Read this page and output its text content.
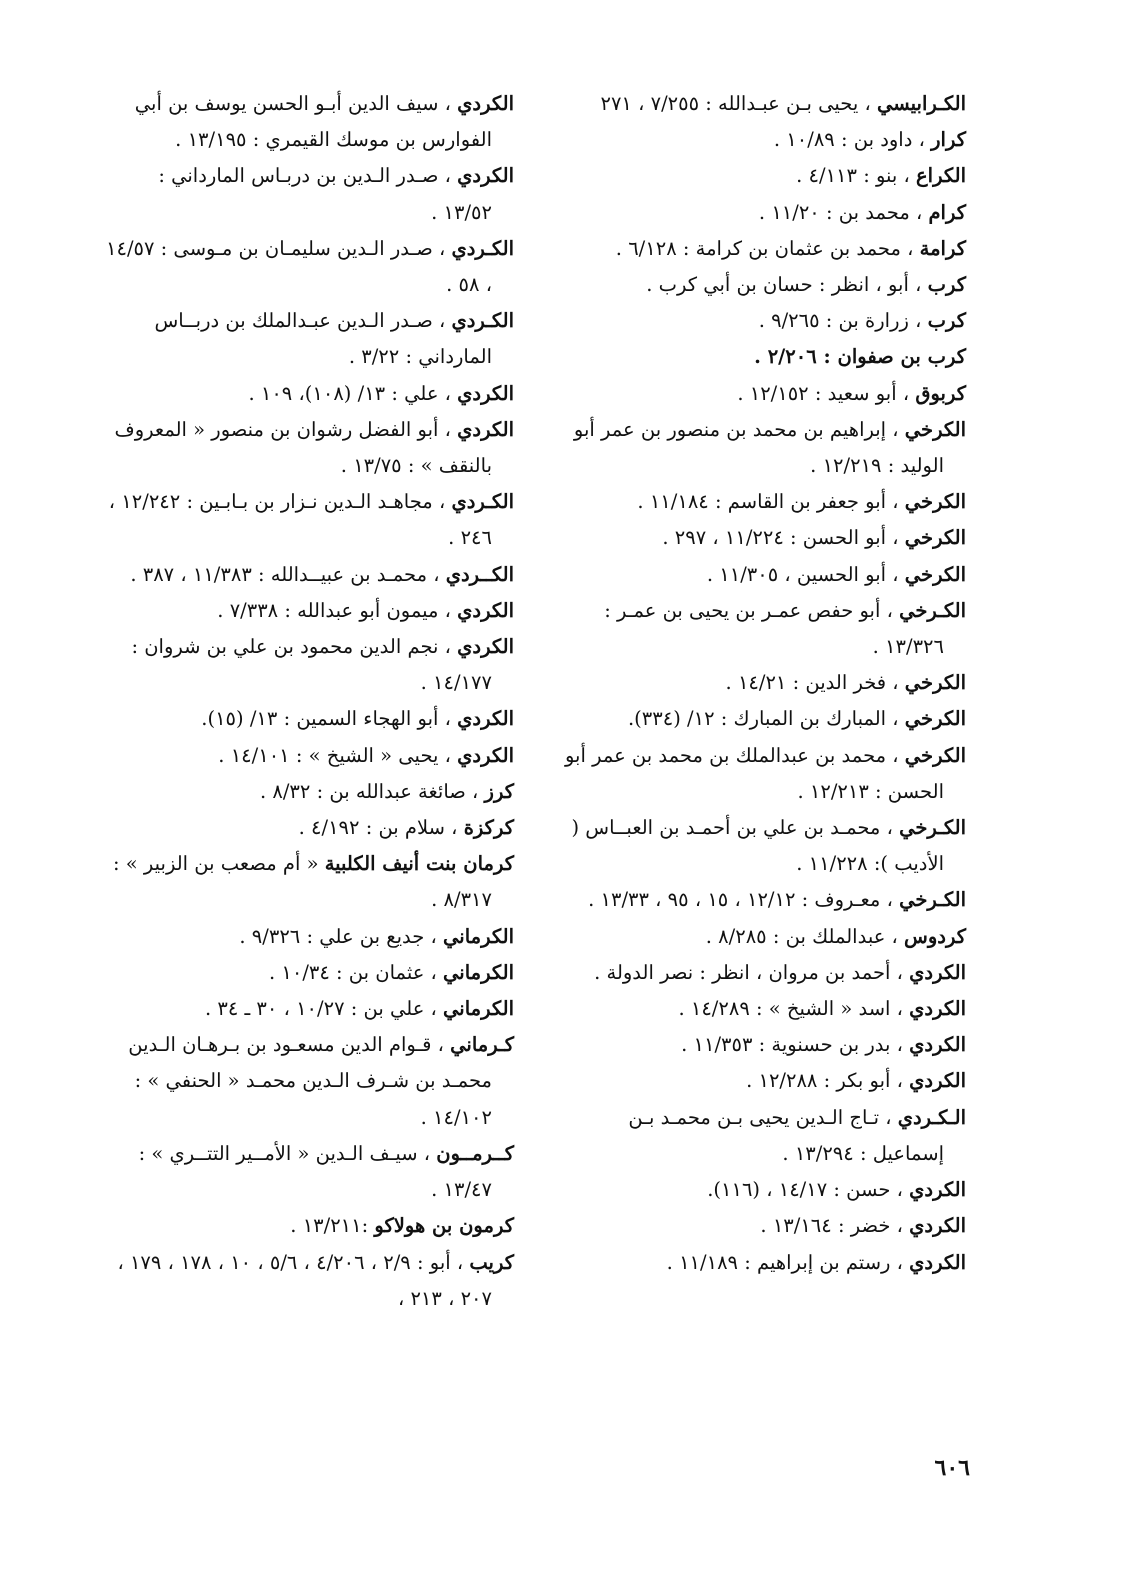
الكـرابيسي ، يحيى بـن عبـدالله : ٧/٢٥٥ ، ٢٧١

كرار ، داود بن : ١٠/٨٩ .

الكراع ، بنو : ٤/١١٣ .

كرام ، محمد بن : ١١/٢٠ .

كرامة ، محمد بن عثمان بن كرامة : ٦/١٢٨ .

كرب ، أبو ، انظر : حسان بن أبي كرب .

كرب ، زرارة بن : ٩/٢٦٥ .

كرب بن صفوان : ٢/٢٠٦ .

كربوق ، أبو سعيد : ١٢/١٥٢ .

الكرخي ، إبراهيم بن محمد بن منصور بن عمر أبو الوليد : ١٢/٢١٩ .

الكرخي ، أبو جعفر بن القاسم : ١١/١٨٤ .

الكرخي ، أبو الحسن : ١١/٢٢٤ ، ٢٩٧ .

الكرخي ، أبو الحسين ، ١١/٣٠٥ .

الكـرخي ، أبو حفص عمـر بن يحيى بن عمـر : ١٣/٣٢٦ .

الكرخي ، فخر الدين : ١٤/٢١ .

الكرخي ، المبارك بن المبارك : ١٢/ (٣٣٤).

الكرخي ، محمد بن عبدالملك بن محمد بن عمر أبو الحسن : ١٢/٢١٣ .

الكـرخي ، محمـد بن علي بن أحمـد بن العبــاس ( الأديب ): ١١/٢٢٨ .

الكـرخي ، معـروف : ١٢/١٢ ، ١٥ ، ٩٥ ، ١٣/٣٣ .

كردوس ، عبدالملك بن : ٨/٢٨٥ .

الكردي ، أحمد بن مروان ، انظر : نصر الدولة .

الكردي ، اسد « الشيخ » : ١٤/٢٨٩ .

الكردي ، بدر بن حسنوية : ١١/٣٥٣ .

الكردي ، أبو بكر : ١٢/٢٨٨ .

الـكـردي ، تـاج الـدين يحيى بـن محمـد بـن إسماعيل : ١٣/٢٩٤ .

الكردي ، حسن : ١٤/١٧ ، (١١٦).

الكردي ، خضر : ١٣/١٦٤ .

الكردي ، رستم بن إبراهيم : ١١/١٨٩ .

الكردي ، سيف الدين أبـو الحسن يوسف بن أبي الفوارس بن موسك القيمري : ١٣/١٩٥ .

الكردي ، صـدر الـدين بن دربـاس المارداني : ١٣/٥٢ .

الكـردي ، صـدر الـدين سليمـان بن مـوسى : ١٤/٥٧ ، ٥٨ .

الكـردي ، صـدر الـدين عبـدالملك بن دربــاس المارداني : ٣/٢٢ .

الكردي ، علي : ١٣/ (١٠٨)، ١٠٩ .

الكردي ، أبو الفضل رشوان بن منصور « المعروف بالنقف » : ١٣/٧٥ .

الكـردي ، مجاهـد الـدين نـزار بن بـابـين : ١٢/٢٤٢ ، ٢٤٦ .

الكــردي ، محمـد بن عبيــدالله : ١١/٣٨٣ ، ٣٨٧ .

الكردي ، ميمون أبو عبدالله : ٧/٣٣٨ .

الكردي ، نجم الدين محمود بن علي بن شروان : ١٤/١٧٧ .

الكردي ، أبو الهجاء السمين : ١٣/ (١٥).

الكردي ، يحيى « الشيخ » : ١٤/١٠١ .

كرز ، صائغة عبدالله بن : ٨/٣٢ .

كركزة ، سلام بن : ٤/١٩٢ .

كرمان بنت أنيف الكلبية « أم مصعب بن الزبير » : ٨/٣١٧ .

الكرماني ، جديع بن علي : ٩/٣٢٦ .

الكرماني ، عثمان بن : ١٠/٣٤ .

الكرماني ، علي بن : ١٠/٢٧ ، ٣٠ ـ ٣٤ .

كـرماني ، قـوام الدين مسعـود بن بـرهـان الـدين محمـد بن شـرف الـدين محمـد « الحنفي » : ١٤/١٠٢ .

كــرمــون ، سيـف الـدين « الأمــير التتــري » : ١٣/٤٧ .

كرمون بن هولاكو :١٣/٢١١ .

كريب ، أبو : ٢/٩ ، ٤/٢٠٦ ، ٥/٦ ، ١٠ ، ١٧٨ ، ١٧٩ ، ٢٠٧ ، ٢١٣ ،

٦٠٦
